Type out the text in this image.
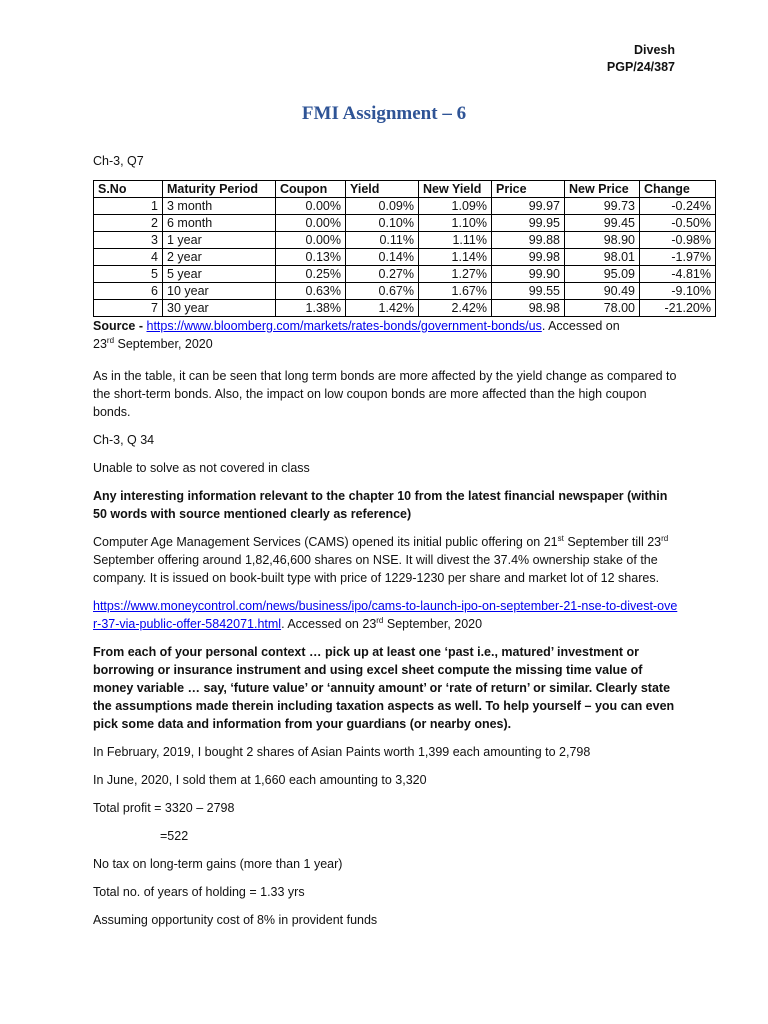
Divesh
PGP/24/387
FMI Assignment – 6

Ch-3, Q7

S.No	Maturity Period	Coupon	Yield	New Yield	Price	New Price	Change
1	3 month	0.00%	0.09%	1.09%	99.97	99.73	-0.24%
2	6 month	0.00%	0.10%	1.10%	99.95	99.45	-0.50%
3	1 year	0.00%	0.11%	1.11%	99.88	98.90	-0.98%
4	2 year	0.13%	0.14%	1.14%	99.98	98.01	-1.97%
5	5 year	0.25%	0.27%	1.27%	99.90	95.09	-4.81%
6	10 year	0.63%	0.67%	1.67%	99.55	90.49	-9.10%
7	30 year	1.38%	1.42%	2.42%	98.98	78.00	-21.20%

Source - https://www.bloomberg.com/markets/rates-bonds/government-bonds/us. Accessed on
23rd September, 2020

As in the table, it can be seen that long term bonds are more affected by the yield change as compared to the short-term bonds. Also, the impact on low coupon bonds are more affected than the high coupon bonds.

Ch-3, Q 34

Unable to solve as not covered in class

Any interesting information relevant to the chapter 10 from the latest financial newspaper (within 50 words with source mentioned clearly as reference)

Computer Age Management Services (CAMS) opened its initial public offering on 21st September till 23rd September offering around 1,82,46,600 shares on NSE. It will divest the 37.4% ownership stake of the company. It is issued on book-built type with price of 1229-1230 per share and market lot of 12 shares.

https://www.moneycontrol.com/news/business/ipo/cams-to-launch-ipo-on-september-21-nse-to-divest-over-37-via-public-offer-5842071.html. Accessed on 23rd September, 2020

From each of your personal context … pick up at least one ‘past i.e., matured’ investment or borrowing or insurance instrument and using excel sheet compute the missing time value of money variable … say, ‘future value’ or ‘annuity amount’ or ‘rate of return’ or similar. Clearly state the assumptions made therein including taxation aspects as well. To help yourself – you can even pick some data and information from your guardians (or nearby ones).

In February, 2019, I bought 2 shares of Asian Paints worth 1,399 each amounting to 2,798

In June, 2020, I sold them at 1,660 each amounting to 3,320

Total profit = 3320 – 2798

=522

No tax on long-term gains (more than 1 year)

Total no. of years of holding = 1.33 yrs

Assuming opportunity cost of 8% in provident funds
